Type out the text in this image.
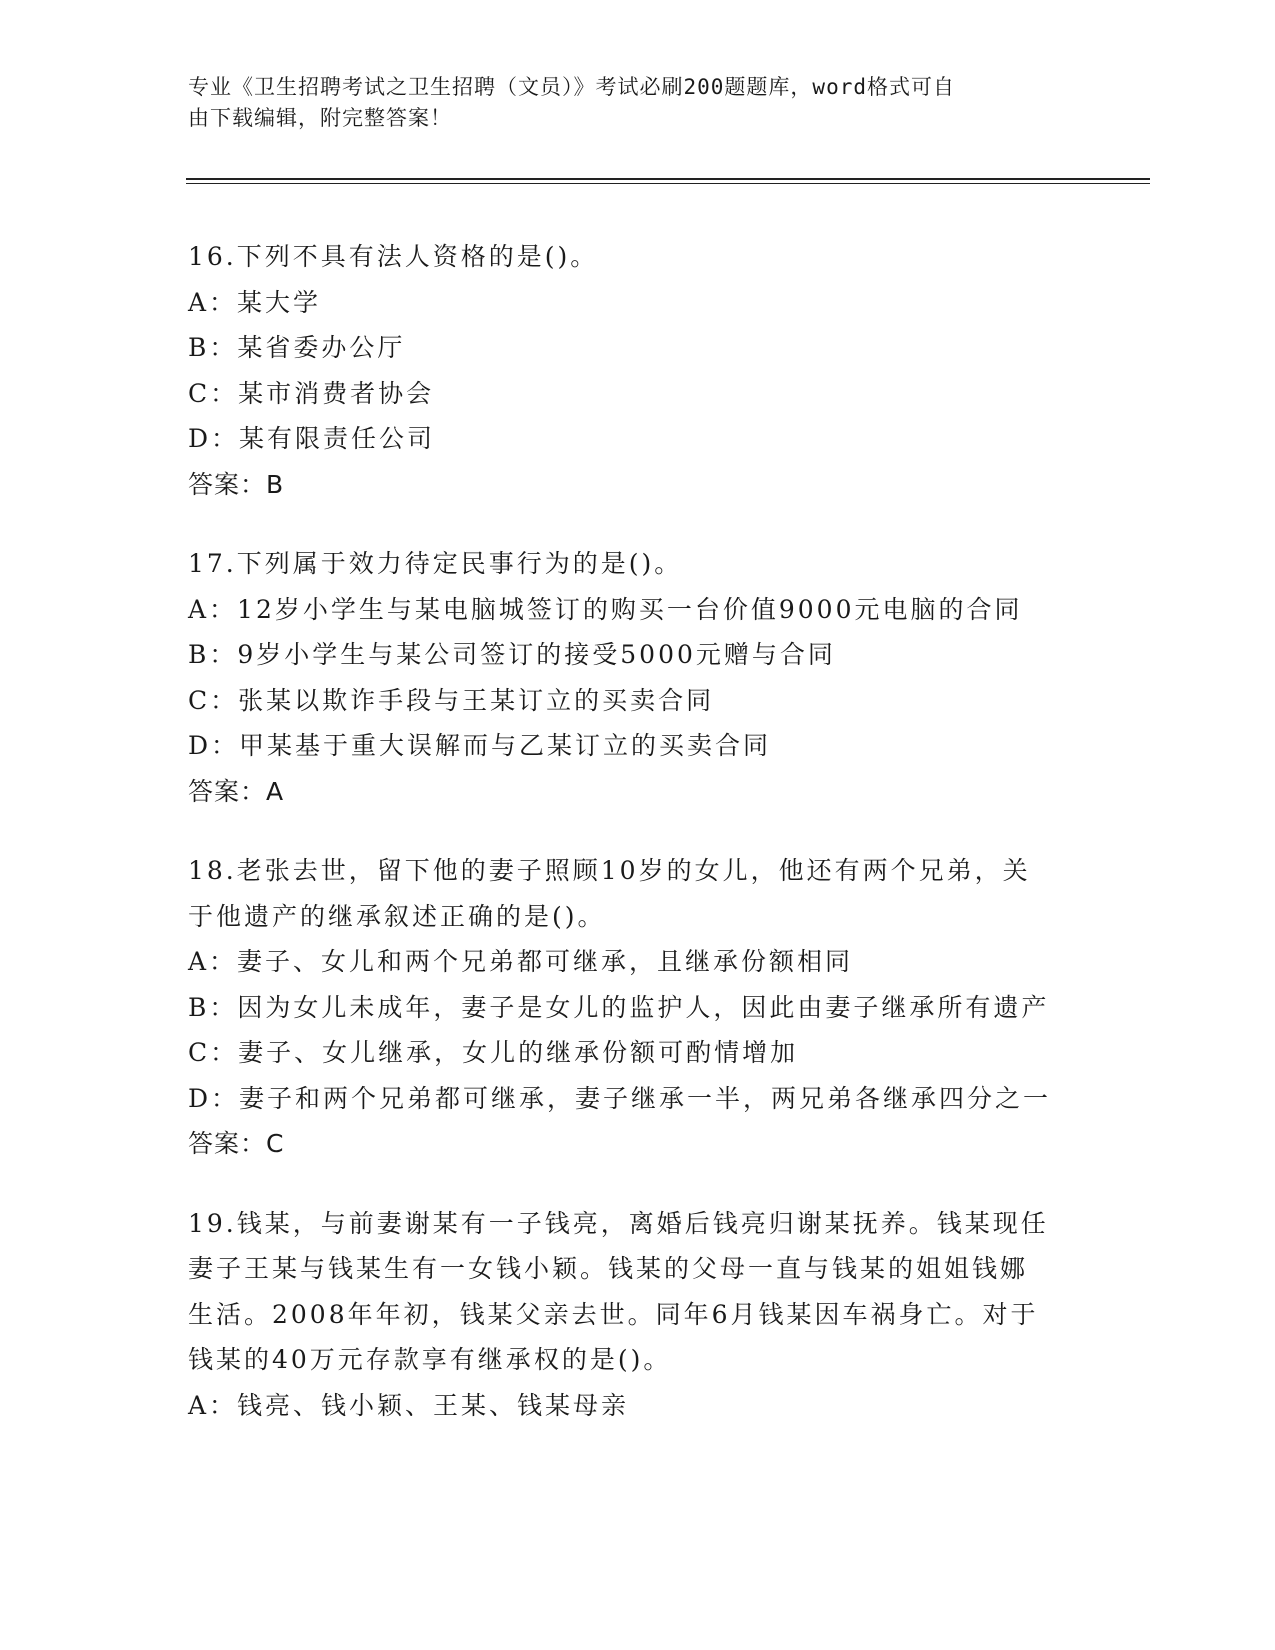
专业《卫生招聘考试之卫生招聘（文员）》考试必刷200题题库，word格式可自
由下载编辑，附完整答案！
16.下列不具有法人资格的是()。
A：某大学
B：某省委办公厅
C：某市消费者协会
D：某有限责任公司
答案：B
17.下列属于效力待定民事行为的是()。
A：12岁小学生与某电脑城签订的购买一台价值9000元电脑的合同
B：9岁小学生与某公司签订的接受5000元赠与合同
C：张某以欺诈手段与王某订立的买卖合同
D：甲某基于重大误解而与乙某订立的买卖合同
答案：A
18.老张去世，留下他的妻子照顾10岁的女儿，他还有两个兄弟，关
于他遗产的继承叙述正确的是()。
A：妻子、女儿和两个兄弟都可继承，且继承份额相同
B：因为女儿未成年，妻子是女儿的监护人，因此由妻子继承所有遗产
C：妻子、女儿继承，女儿的继承份额可酌情增加
D：妻子和两个兄弟都可继承，妻子继承一半，两兄弟各继承四分之一
答案：C
19.钱某，与前妻谢某有一子钱亮，离婚后钱亮归谢某抚养。钱某现任
妻子王某与钱某生有一女钱小颖。钱某的父母一直与钱某的姐姐钱娜
生活。2008年年初，钱某父亲去世。同年6月钱某因车祸身亡。对于
钱某的40万元存款享有继承权的是()。
A：钱亮、钱小颖、王某、钱某母亲
